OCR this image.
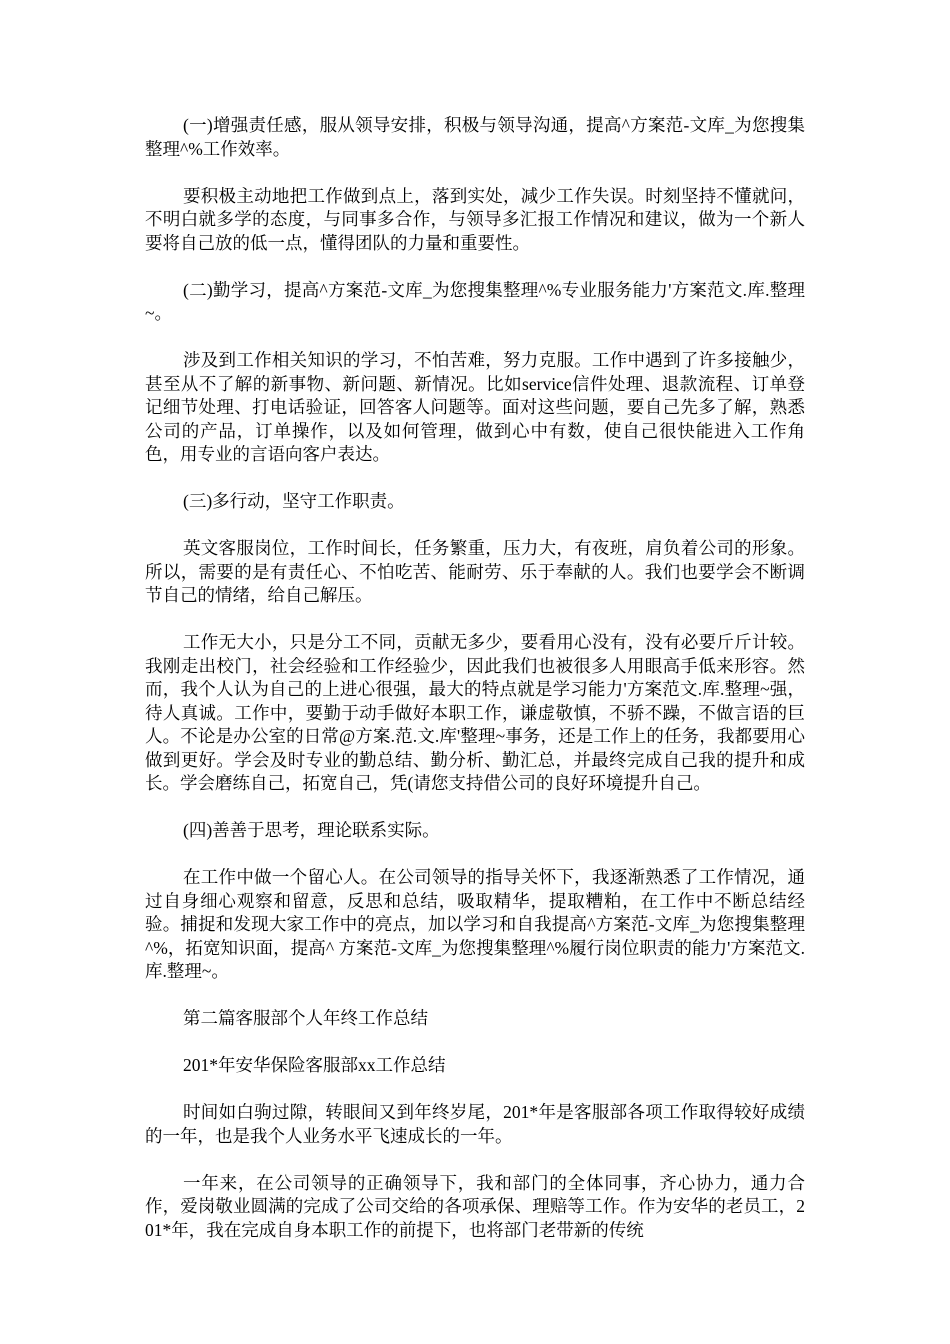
(一)增强责任感，服从领导安排，积极与领导沟通，提高^方案范-文库_为您搜集整理^%工作效率。

要积极主动地把工作做到点上，落到实处，减少工作失误。时刻坚持不懂就问，不明白就多学的态度，与同事多合作，与领导多汇报工作情况和建议，做为一个新人要将自己放的低一点，懂得团队的力量和重要性。

(二)勤学习，提高^方案范-文库_为您搜集整理^%专业服务能力'方案范文.库.整理~。

涉及到工作相关知识的学习，不怕苦难，努力克服。工作中遇到了许多接触少，甚至从不了解的新事物、新问题、新情况。比如service信件处理、退款流程、订单登记细节处理、打电话验证，回答客人问题等。面对这些问题，要自己先多了解，熟悉公司的产品，订单操作，以及如何管理，做到心中有数，使自己很快能进入工作角色，用专业的言语向客户表达。

(三)多行动，坚守工作职责。

英文客服岗位，工作时间长，任务繁重，压力大，有夜班，肩负着公司的形象。所以，需要的是有责任心、不怕吃苦、能耐劳、乐于奉献的人。我们也要学会不断调节自己的情绪，给自己解压。

工作无大小，只是分工不同，贡献无多少，要看用心没有，没有必要斤斤计较。我刚走出校门，社会经验和工作经验少，因此我们也被很多人用眼高手低来形容。然而，我个人认为自己的上进心很强，最大的特点就是学习能力'方案范文.库.整理~强，待人真诚。工作中，要勤于动手做好本职工作，谦虚敬慎，不骄不躁，不做言语的巨人。不论是办公室的日常@方案.范.文.库'整理~事务，还是工作上的任务，我都要用心做到更好。学会及时专业的勤总结、勤分析、勤汇总，并最终完成自己我的提升和成长。学会磨练自己，拓宽自己，凭(请您支持借公司的良好环境提升自己。

(四)善善于思考，理论联系实际。

在工作中做一个留心人。在公司领导的指导关怀下，我逐渐熟悉了工作情况，通过自身细心观察和留意，反思和总结，吸取精华，提取糟粕，在工作中不断总结经验。捕捉和发现大家工作中的亮点，加以学习和自我提高^方案范-文库_为您搜集整理^%，拓宽知识面，提高^ 方案范-文库_为您搜集整理^%履行岗位职责的能力'方案范文.库.整理~。

第二篇客服部个人年终工作总结

201*年安华保险客服部xx工作总结

时间如白驹过隙，转眼间又到年终岁尾，201*年是客服部各项工作取得较好成绩的一年，也是我个人业务水平飞速成长的一年。

一年来，在公司领导的正确领导下，我和部门的全体同事，齐心协力，通力合作，爱岗敬业圆满的完成了公司交给的各项承保、理赔等工作。作为安华的老员工，201*年，我在完成自身本职工作的前提下，也将部门老带新的传统
